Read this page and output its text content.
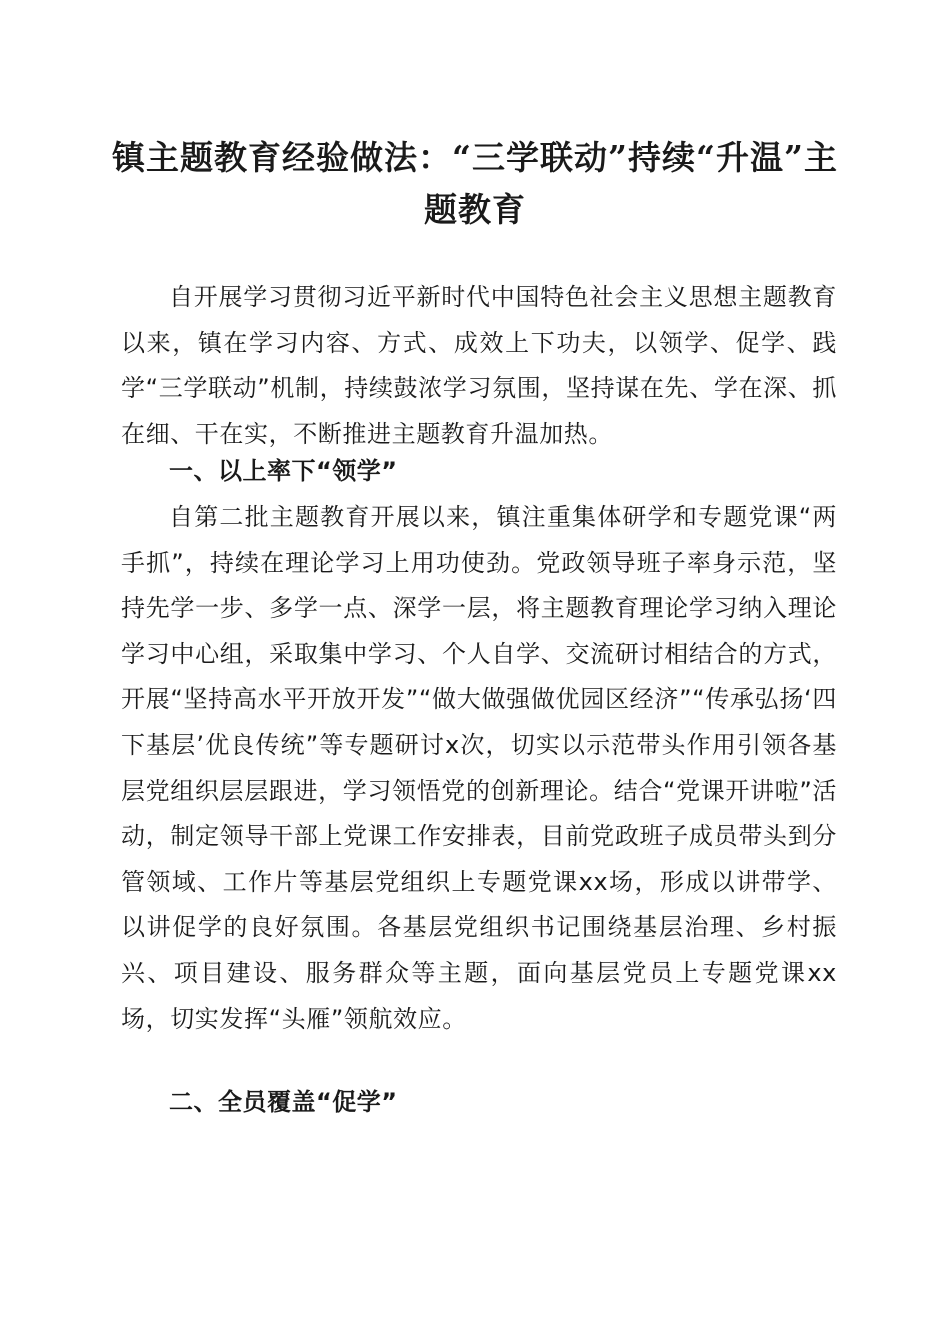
镇主题教育经验做法：“三学联动”持续“升温”主题教育

自开展学习贯彻习近平新时代中国特色社会主义思想主题教育以来，镇在学习内容、方式、成效上下功夫，以领学、促学、践学“三学联动”机制，持续鼓浓学习氛围，坚持谋在先、学在深、抓在细、干在实，不断推进主题教育升温加热。

一、以上率下“领学”

自第二批主题教育开展以来，镇注重集体研学和专题党课“两手抓”，持续在理论学习上用功使劲。党政领导班子率身示范，坚持先学一步、多学一点、深学一层，将主题教育理论学习纳入理论学习中心组，采取集中学习、个人自学、交流研讨相结合的方式，开展“坚持高水平开放开发”“做大做强做优园区经济”“传承弘扬‘四下基层’优良传统”等专题研讨x次，切实以示范带头作用引领各基层党组织层层跟进，学习领悟党的创新理论。结合“党课开讲啦”活动，制定领导干部上党课工作安排表，目前党政班子成员带头到分管领域、工作片等基层党组织上专题党课xx场，形成以讲带学、以讲促学的良好氛围。各基层党组织书记围绕基层治理、乡村振兴、项目建设、服务群众等主题，面向基层党员上专题党课xx场，切实发挥“头雁”领航效应。

二、全员覆盖“促学”
